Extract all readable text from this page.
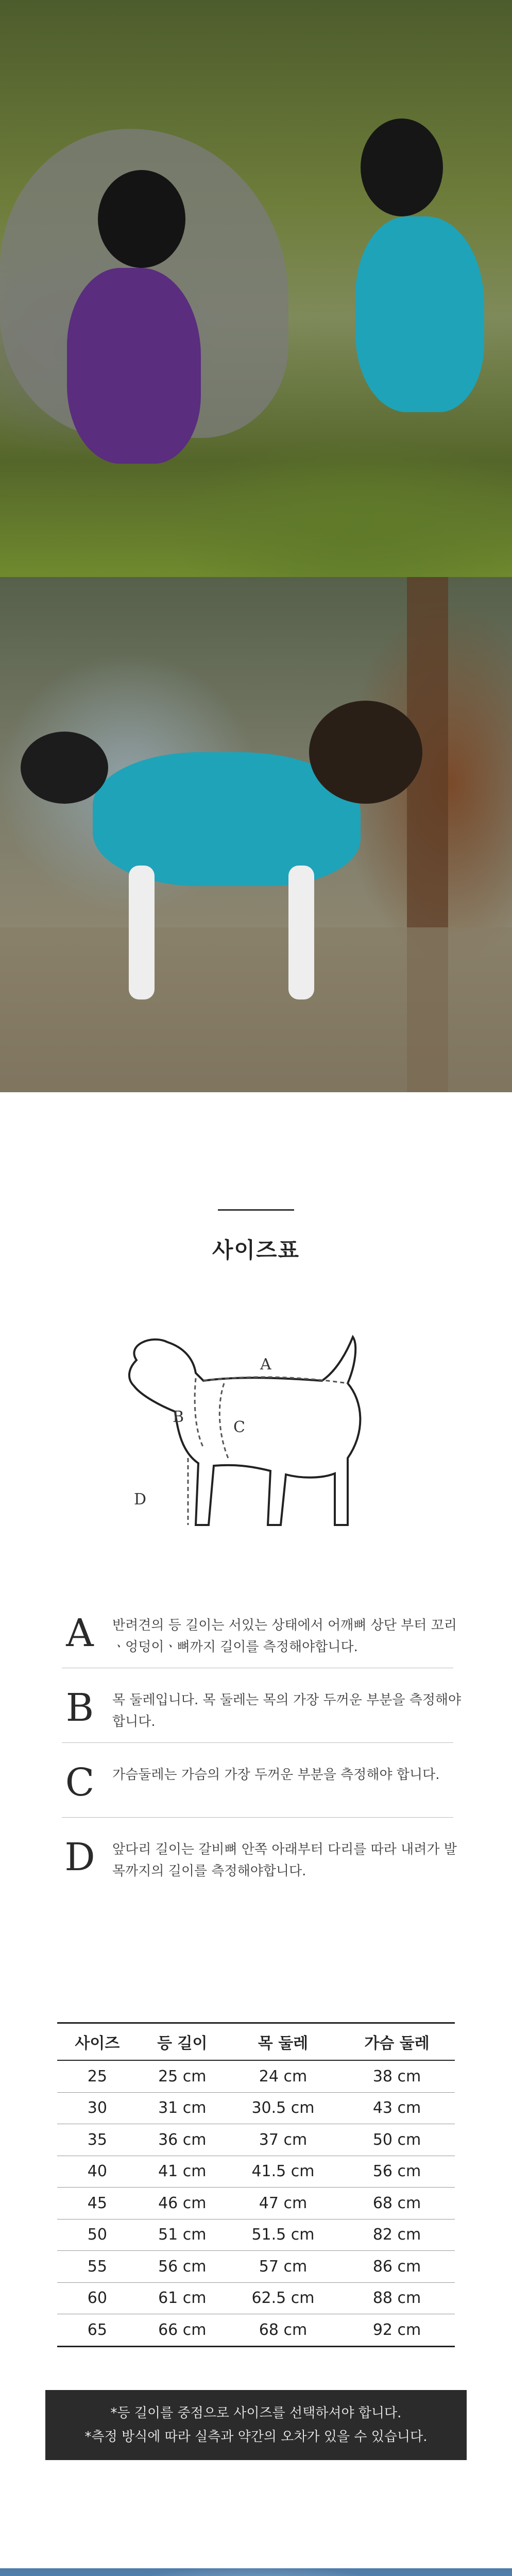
사이즈표
A
B
C
D
A	반려견의 등 길이는 서있는 상태에서 어깨뼈 상단 부터 꼬리ㆍ엉덩이ㆍ뼈까지 길이를 측정해야합니다.
B	목 둘레입니다. 목 둘레는 목의 가장 두꺼운 부분을 측정해야합니다.
C 가슴둘레는 가슴의 가장 두꺼운 부분을 측정해야 합니다.
D 앞다리 길이는 갈비뼈 안쪽 아래부터 다리를 따라 내려가 발목까지의 길이를 측정해야합니다.
사이즈	등 길이	목 둘레	가슴 둘레
25	25 cm	24 cm	38 cm
30	31 cm	30.5 cm	43 cm
35	36 cm	37 cm	50 cm
40	41 cm	41.5 cm	56 cm
45	46 cm	47 cm	68 cm
50	51 cm	51.5 cm	82 cm
55	56 cm	57 cm	86 cm
60	61 cm	62.5 cm	88 cm
65	66 cm	68 cm	92 cm
*등 길이를 중점으로 사이즈를 선택하셔야 합니다.
*측정 방식에 따라 실측과 약간의 오차가 있을 수 있습니다.
